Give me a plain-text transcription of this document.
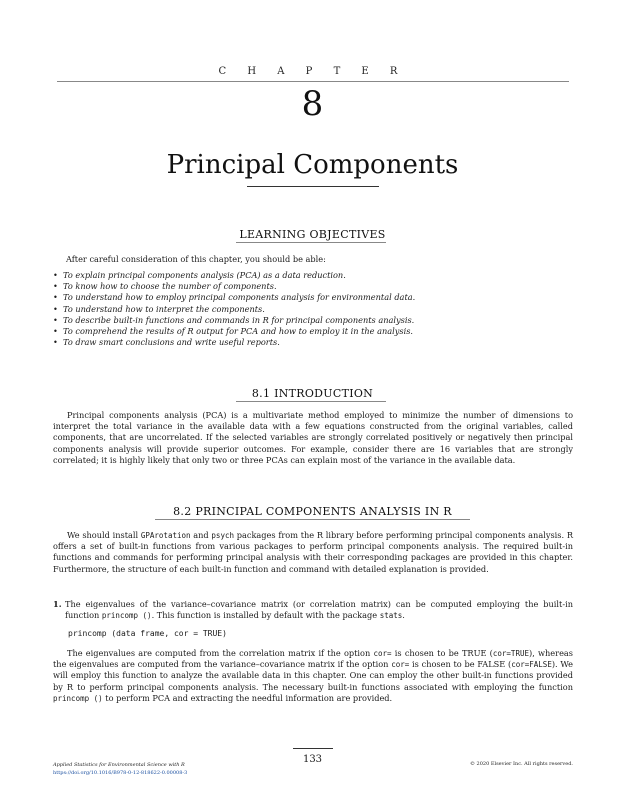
C H A P T E R
8
Principal Components
LEARNING OBJECTIVES
After careful consideration of this chapter, you should be able:
• To explain principal components analysis (PCA) as a data reduction.
• To know how to choose the number of components.
• To understand how to employ principal components analysis for environmental data.
• To understand how to interpret the components.
• To describe built-in functions and commands in R for principal components analysis.
• To comprehend the results of R output for PCA and how to employ it in the analysis.
• To draw smart conclusions and write useful reports.
8.1 INTRODUCTION
Principal components analysis (PCA) is a multivariate method employed to minimize the number of dimensions to interpret the total variance in the available data with a few equations constructed from the original variables, called components, that are uncorrelated. If the selected variables are strongly correlated positively or negatively then principal components analysis will provide superior outcomes. For example, consider there are 16 variables that are strongly correlated; it is highly likely that only two or three PCAs can explain most of the variance in the available data.
8.2 PRINCIPAL COMPONENTS ANALYSIS IN R
We should install GPArotation and psych packages from the R library before performing principal components analysis. R offers a set of built-in functions from various packages to perform principal components analysis. The required built-in functions and commands for performing principal analysis with their corresponding packages are provided in this chapter. Furthermore, the structure of each built-in function and command with detailed explanation is provided.
1. The eigenvalues of the variance–covariance matrix (or correlation matrix) can be computed employing the built-in function princomp (). This function is installed by default with the package stats.
princomp (data frame, cor = TRUE)
The eigenvalues are computed from the correlation matrix if the option cor= is chosen to be TRUE (cor=TRUE), whereas the eigenvalues are computed from the variance–covariance matrix if the option cor= is chosen to be FALSE (cor=FALSE). We will employ this function to analyze the available data in this chapter. One can employ the other built-in functions provided by R to perform principal components analysis. The necessary built-in functions associated with employing the function princomp () to perform PCA and extracting the needful information are provided.
Applied Statistics for Environmental Science with R
https://doi.org/10.1016/B978-0-12-818622-0.00008-3
133	© 2020 Elsevier Inc. All rights reserved.
